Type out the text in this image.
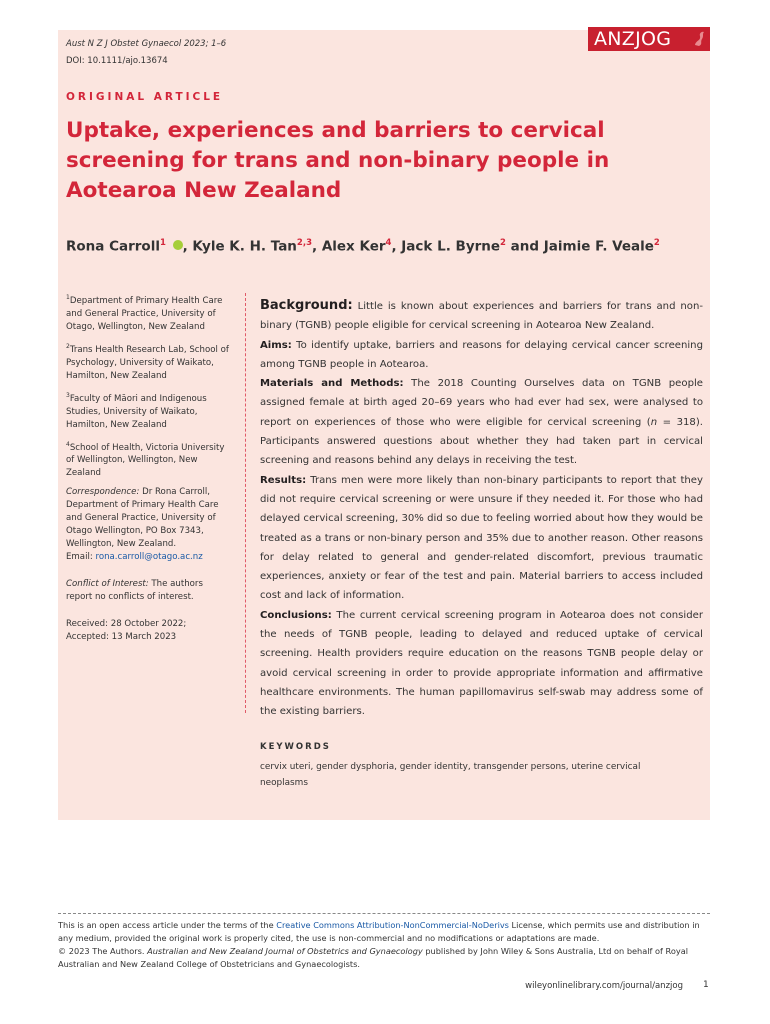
Aust N Z J Obstet Gynaecol 2023; 1–6
DOI: 10.1111/ajo.13674
ANZJOG
ORIGINAL ARTICLE
Uptake, experiences and barriers to cervical screening for trans and non-binary people in Aotearoa New Zealand
Rona Carroll$^1$ , Kyle K. H. Tan$^{2,3}$, Alex Ker$^4$, Jack L. Byrne$^2$ and Jaimie F. Veale$^2$

$^1$Department of Primary Health Care and General Practice, University of Otago, Wellington, New Zealand

$^2$Trans Health Research Lab, School of Psychology, University of Waikato, Hamilton, New Zealand

$^3$Faculty of Māori and Indigenous Studies, University of Waikato, Hamilton, New Zealand

$^4$School of Health, Victoria University of Wellington, Wellington, New Zealand

Correspondence: Dr Rona Carroll, Department of Primary Health Care and General Practice, University of Otago Wellington, PO Box 7343, Wellington, New Zealand.
Email: rona.carroll@otago.ac.nz

Conflict of Interest: The authors report no conflicts of interest.

Received: 28 October 2022;
Accepted: 13 March 2023

Background: Little is known about experiences and barriers for trans and non-binary (TGNB) people eligible for cervical screening in Aotearoa New Zealand.

Aims: To identify uptake, barriers and reasons for delaying cervical cancer screening among TGNB people in Aotearoa.

Materials and Methods: The 2018 Counting Ourselves data on TGNB people assigned female at birth aged 20–69 years who had ever had sex, were analysed to report on experiences of those who were eligible for cervical screening (n = 318). Participants answered questions about whether they had taken part in cervical screening and reasons behind any delays in receiving the test.

Results: Trans men were more likely than non-binary participants to report that they did not require cervical screening or were unsure if they needed it. For those who had delayed cervical screening, 30% did so due to feeling worried about how they would be treated as a trans or non-binary person and 35% due to another reason. Other reasons for delay related to general and gender-related discomfort, previous traumatic experiences, anxiety or fear of the test and pain. Material barriers to access included cost and lack of information.

Conclusions: The current cervical screening program in Aotearoa does not consider the needs of TGNB people, leading to delayed and reduced uptake of cervical screening. Health providers require education on the reasons TGNB people delay or avoid cervical screening in order to provide appropriate information and affirmative healthcare environments. The human papillomavirus self-swab may address some of the existing barriers.

KEYWORDS
cervix uteri, gender dysphoria, gender identity, transgender persons, uterine cervical neoplasms

This is an open access article under the terms of the Creative Commons Attribution-NonCommercial-NoDerivs License, which permits use and distribution in any medium, provided the original work is properly cited, the use is non-commercial and no modifications or adaptations are made.

© 2023 The Authors. Australian and New Zealand Journal of Obstetrics and Gynaecology published by John Wiley & Sons Australia, Ltd on behalf of Royal Australian and New Zealand College of Obstetricians and Gynaecologists.

wileyonlinelibrary.com/journal/anzjog 1
